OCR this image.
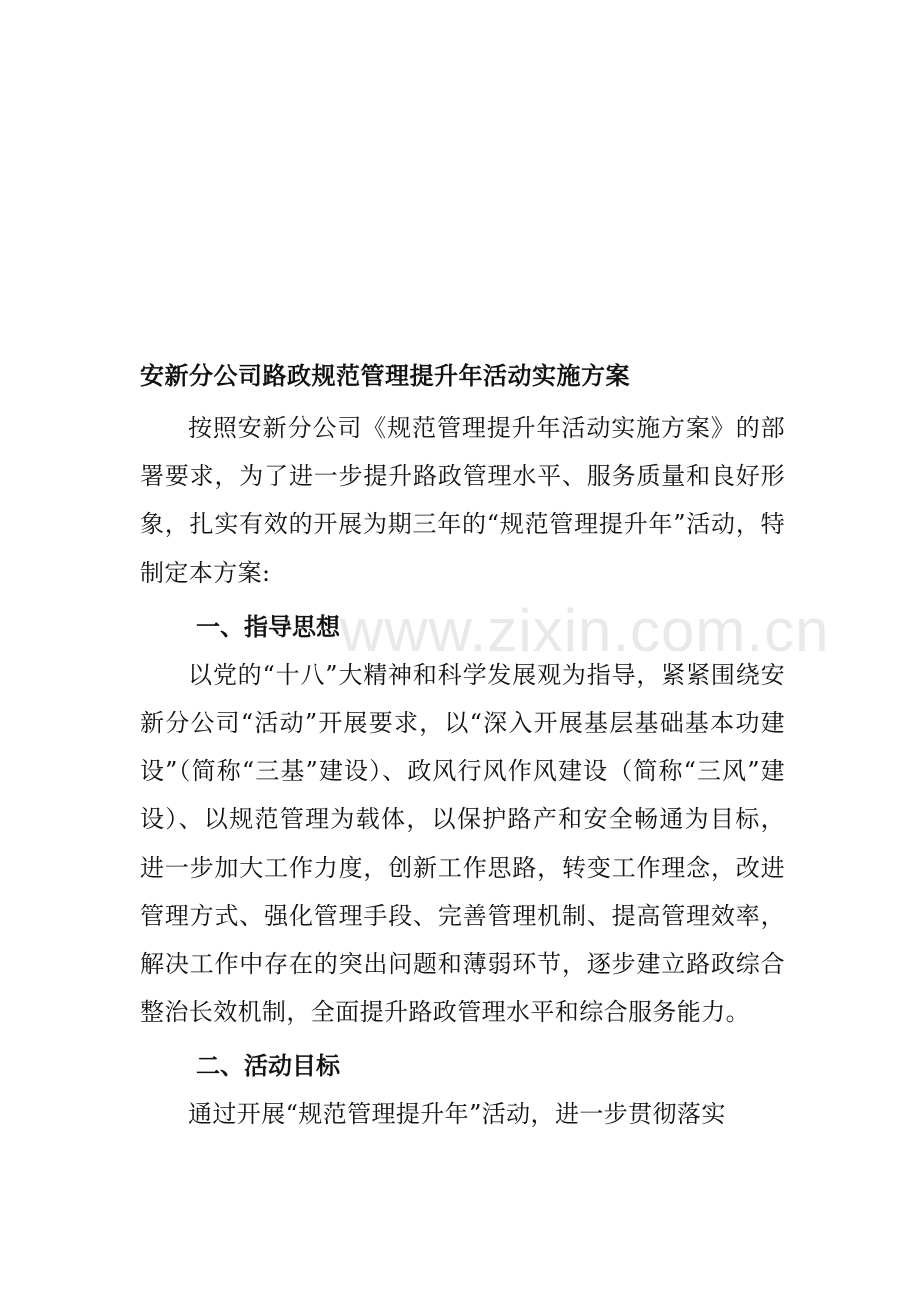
www.zixin.com.cn
安新分公司路政规范管理提升年活动实施方案

按照安新分公司《规范管理提升年活动实施方案》的部署要求，为了进一步提升路政管理水平、服务质量和良好形象，扎实有效的开展为期三年的“规范管理提升年”活动，特制定本方案:

一、指导思想

以党的“十八”大精神和科学发展观为指导，紧紧围绕安新分公司“活动”开展要求，以“深入开展基层基础基本功建设”（简称“三基”建设）、政风行风作风建设（简称“三风”建设）、以规范管理为载体，以保护路产和安全畅通为目标，进一步加大工作力度，创新工作思路，转变工作理念，改进管理方式、强化管理手段、完善管理机制、提高管理效率，解决工作中存在的突出问题和薄弱环节，逐步建立路政综合整治长效机制，全面提升路政管理水平和综合服务能力。

二、活动目标

通过开展“规范管理提升年”活动，进一步贯彻落实
